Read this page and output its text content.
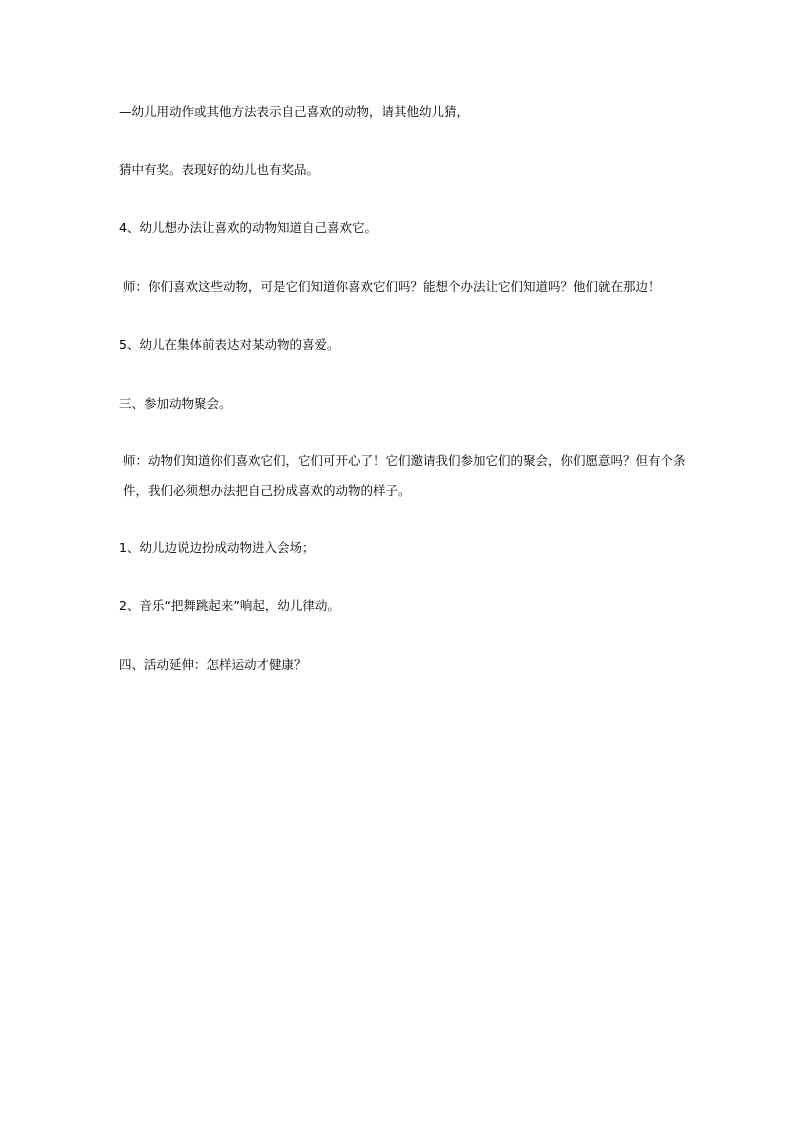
—幼儿用动作或其他方法表示自己喜欢的动物，请其他幼儿猜，
猜中有奖。表现好的幼儿也有奖品。
4、幼儿想办法让喜欢的动物知道自己喜欢它。
师：你们喜欢这些动物，可是它们知道你喜欢它们吗？能想个办法让它们知道吗？他们就在那边！
5、幼儿在集体前表达对某动物的喜爱。
三、参加动物聚会。
师：动物们知道你们喜欢它们，它们可开心了！它们邀请我们参加它们的聚会，你们愿意吗？但有个条件，我们必须想办法把自己扮成喜欢的动物的样子。
1、幼儿边说边扮成动物进入会场；
2、音乐“把舞跳起来”响起，幼儿律动。
四、活动延伸：怎样运动才健康？
